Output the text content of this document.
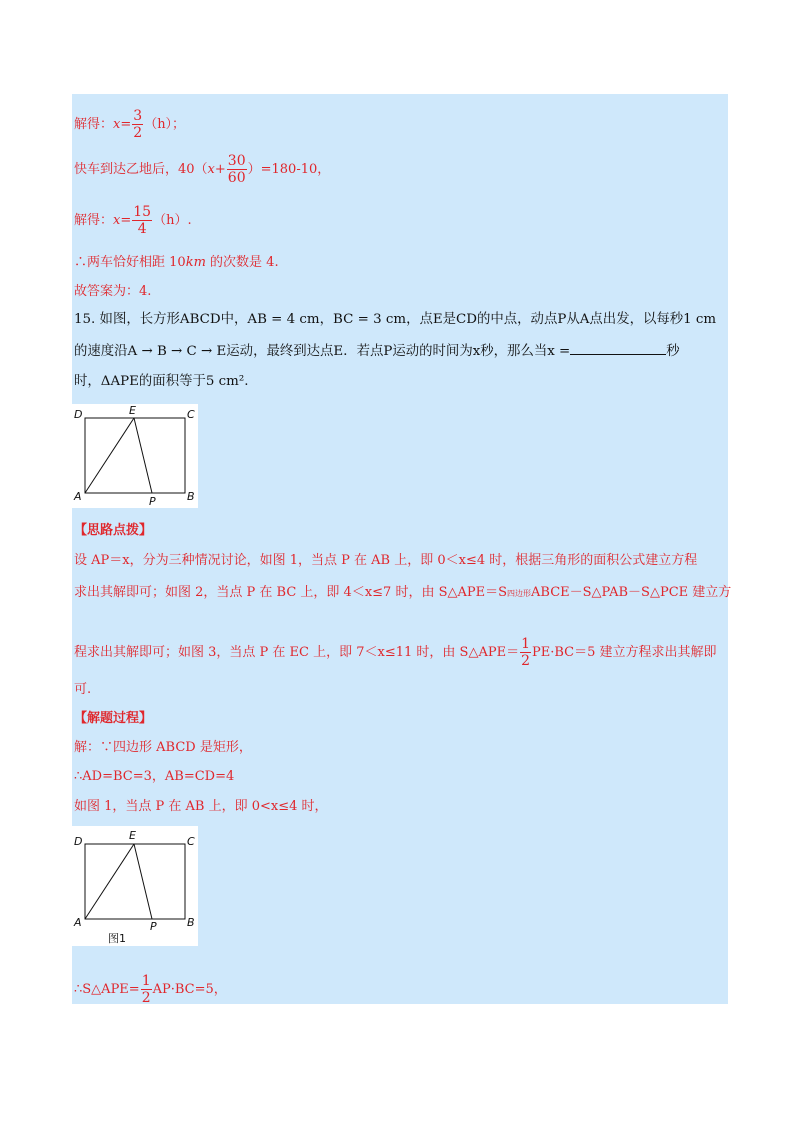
解得：$x= \frac{3}{2} (h)$；
快车到达乙地后，$40(x+ \frac{30}{60} )=180-10$，
解得：$x= \frac{15}{4} (h)$.
∴两车恰好相距 10km 的次数是 4.
故答案为：4.
15. 如图，长方形ABCD中，AB = 4 cm，BC = 3 cm，点E是CD的中点，动点P从A点出发，以每秒1 cm
的速度沿A → B → C → E运动，最终到达点E．若点P运动的时间为x秒，那么当x =	秒
时，ΔAPE的面积等于5 cm².
D	E	C
A	P	B
【思路点拨】
设 AP＝x，分为三种情况讨论，如图 1，当点 P 在 AB 上，即 0＜x≤4 时，根据三角形的面积公式建立方程
求出其解即可；如图 2，当点 P 在 BC 上，即 4＜x≤7 时，由 S△APE＝S四边形ABCE－S△PAB－S△PCE 建立方
程求出其解即可；如图 3，当点 P 在 EC 上，即 7＜x≤11 时，由 S△APE＝ $\frac{1}{2} PE\cdot BC=5$ 建立方程求出其解即
可.
【解题过程】
解：∵四边形 ABCD 是矩形，
∴AD=BC=3，AB=CD=4
如图 1，当点 P 在 AB 上，即 0<x≤4 时，
D	E	C
A	P	B
图1
∴S△APE= $\frac{1}{2} AP\cdot BC=5$，
